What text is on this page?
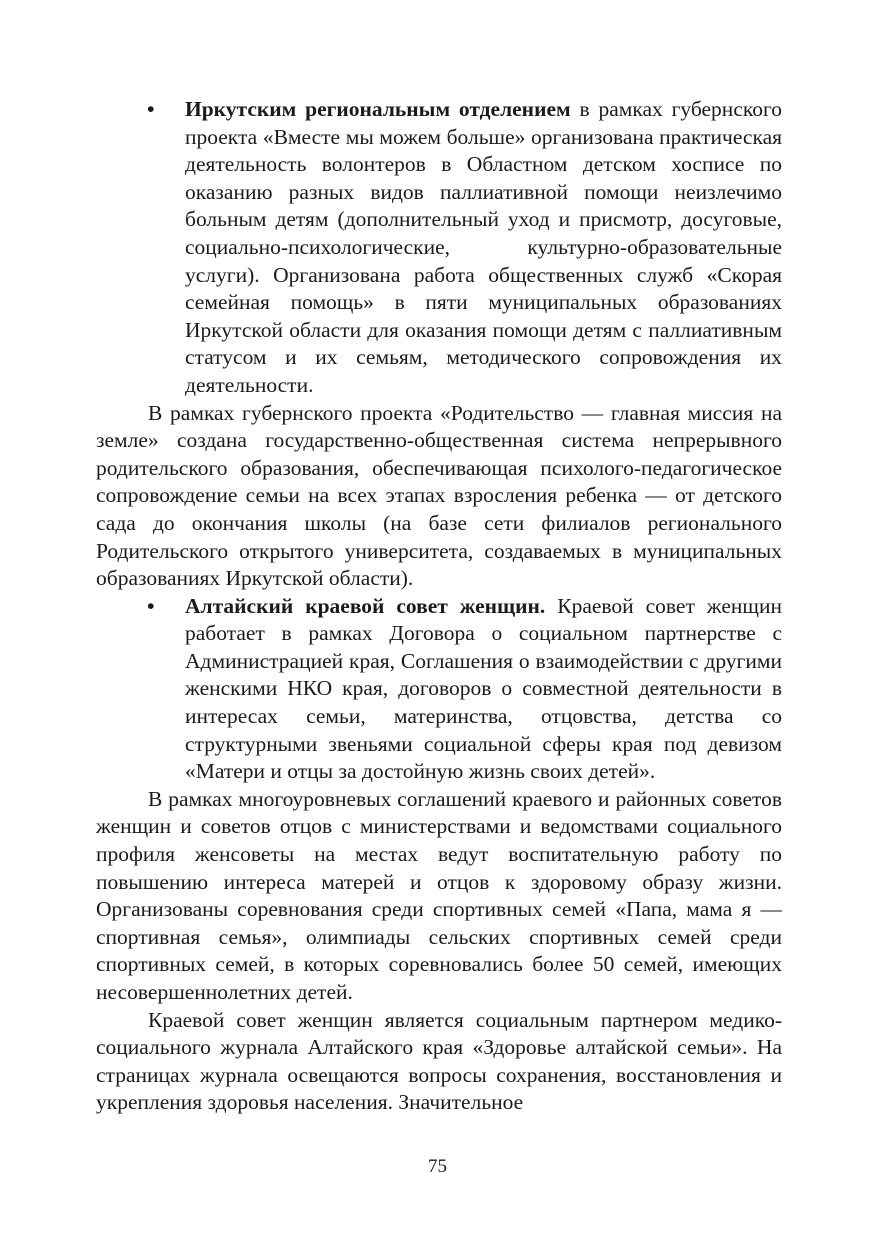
•	Иркутским региональным отделением в рамках губернского проекта «Вместе мы можем больше» организована практическая деятельность волонтеров в Областном детском хосписе по оказанию разных видов паллиативной помощи неизлечимо больным детям (дополнительный уход и присмотр, досуговые, социально-психологические, культурно-образовательные услуги). Организована работа общественных служб «Скорая семейная помощь» в пяти муниципальных образованиях Иркутской области для оказания помощи детям с паллиативным статусом и их семьям, методического сопровождения их деятельности.

В рамках губернского проекта «Родительство — главная миссия на земле» создана государственно-общественная система непрерывного родительского образования, обеспечивающая психолого-педагогическое сопровождение семьи на всех этапах взросления ребенка — от детского сада до окончания школы (на базе сети филиалов регионального Родительского открытого университета, создаваемых в муниципальных образованиях Иркутской области).

•	Алтайский краевой совет женщин. Краевой совет женщин работает в рамках Договора о социальном партнерстве с Администрацией края, Соглашения о взаимодействии с другими женскими НКО края, договоров о совместной деятельности в интересах семьи, материнства, отцовства, детства со структурными звеньями социальной сферы края под девизом «Матери и отцы за достойную жизнь своих детей».

В рамках многоуровневых соглашений краевого и районных советов женщин и советов отцов с министерствами и ведомствами социального профиля женсоветы на местах ведут воспитательную работу по повышению интереса матерей и отцов к здоровому образу жизни. Организованы соревнования среди спортивных семей «Папа, мама я — спортивная семья», олимпиады сельских спортивных семей среди спортивных семей, в которых соревновались более 50 семей, имеющих несовершеннолетних детей.

Краевой совет женщин является социальным партнером медико-социального журнала Алтайского края «Здоровье алтайской семьи». На страницах журнала освещаются вопросы сохранения, восстановления и укрепления здоровья населения. Значительное

75
